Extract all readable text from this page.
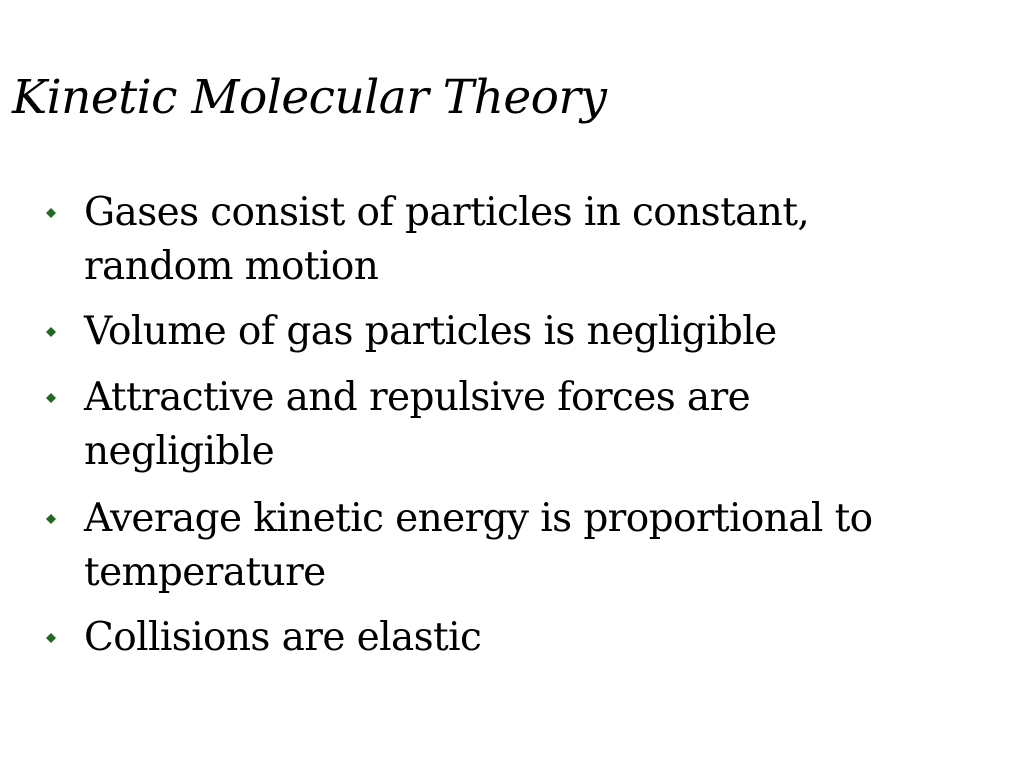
Kinetic Molecular Theory
Gases consist of particles in constant,
random motion
Volume of gas particles is negligible
Attractive and repulsive forces are
negligible
Average kinetic energy is proportional to
temperature
Collisions are elastic
